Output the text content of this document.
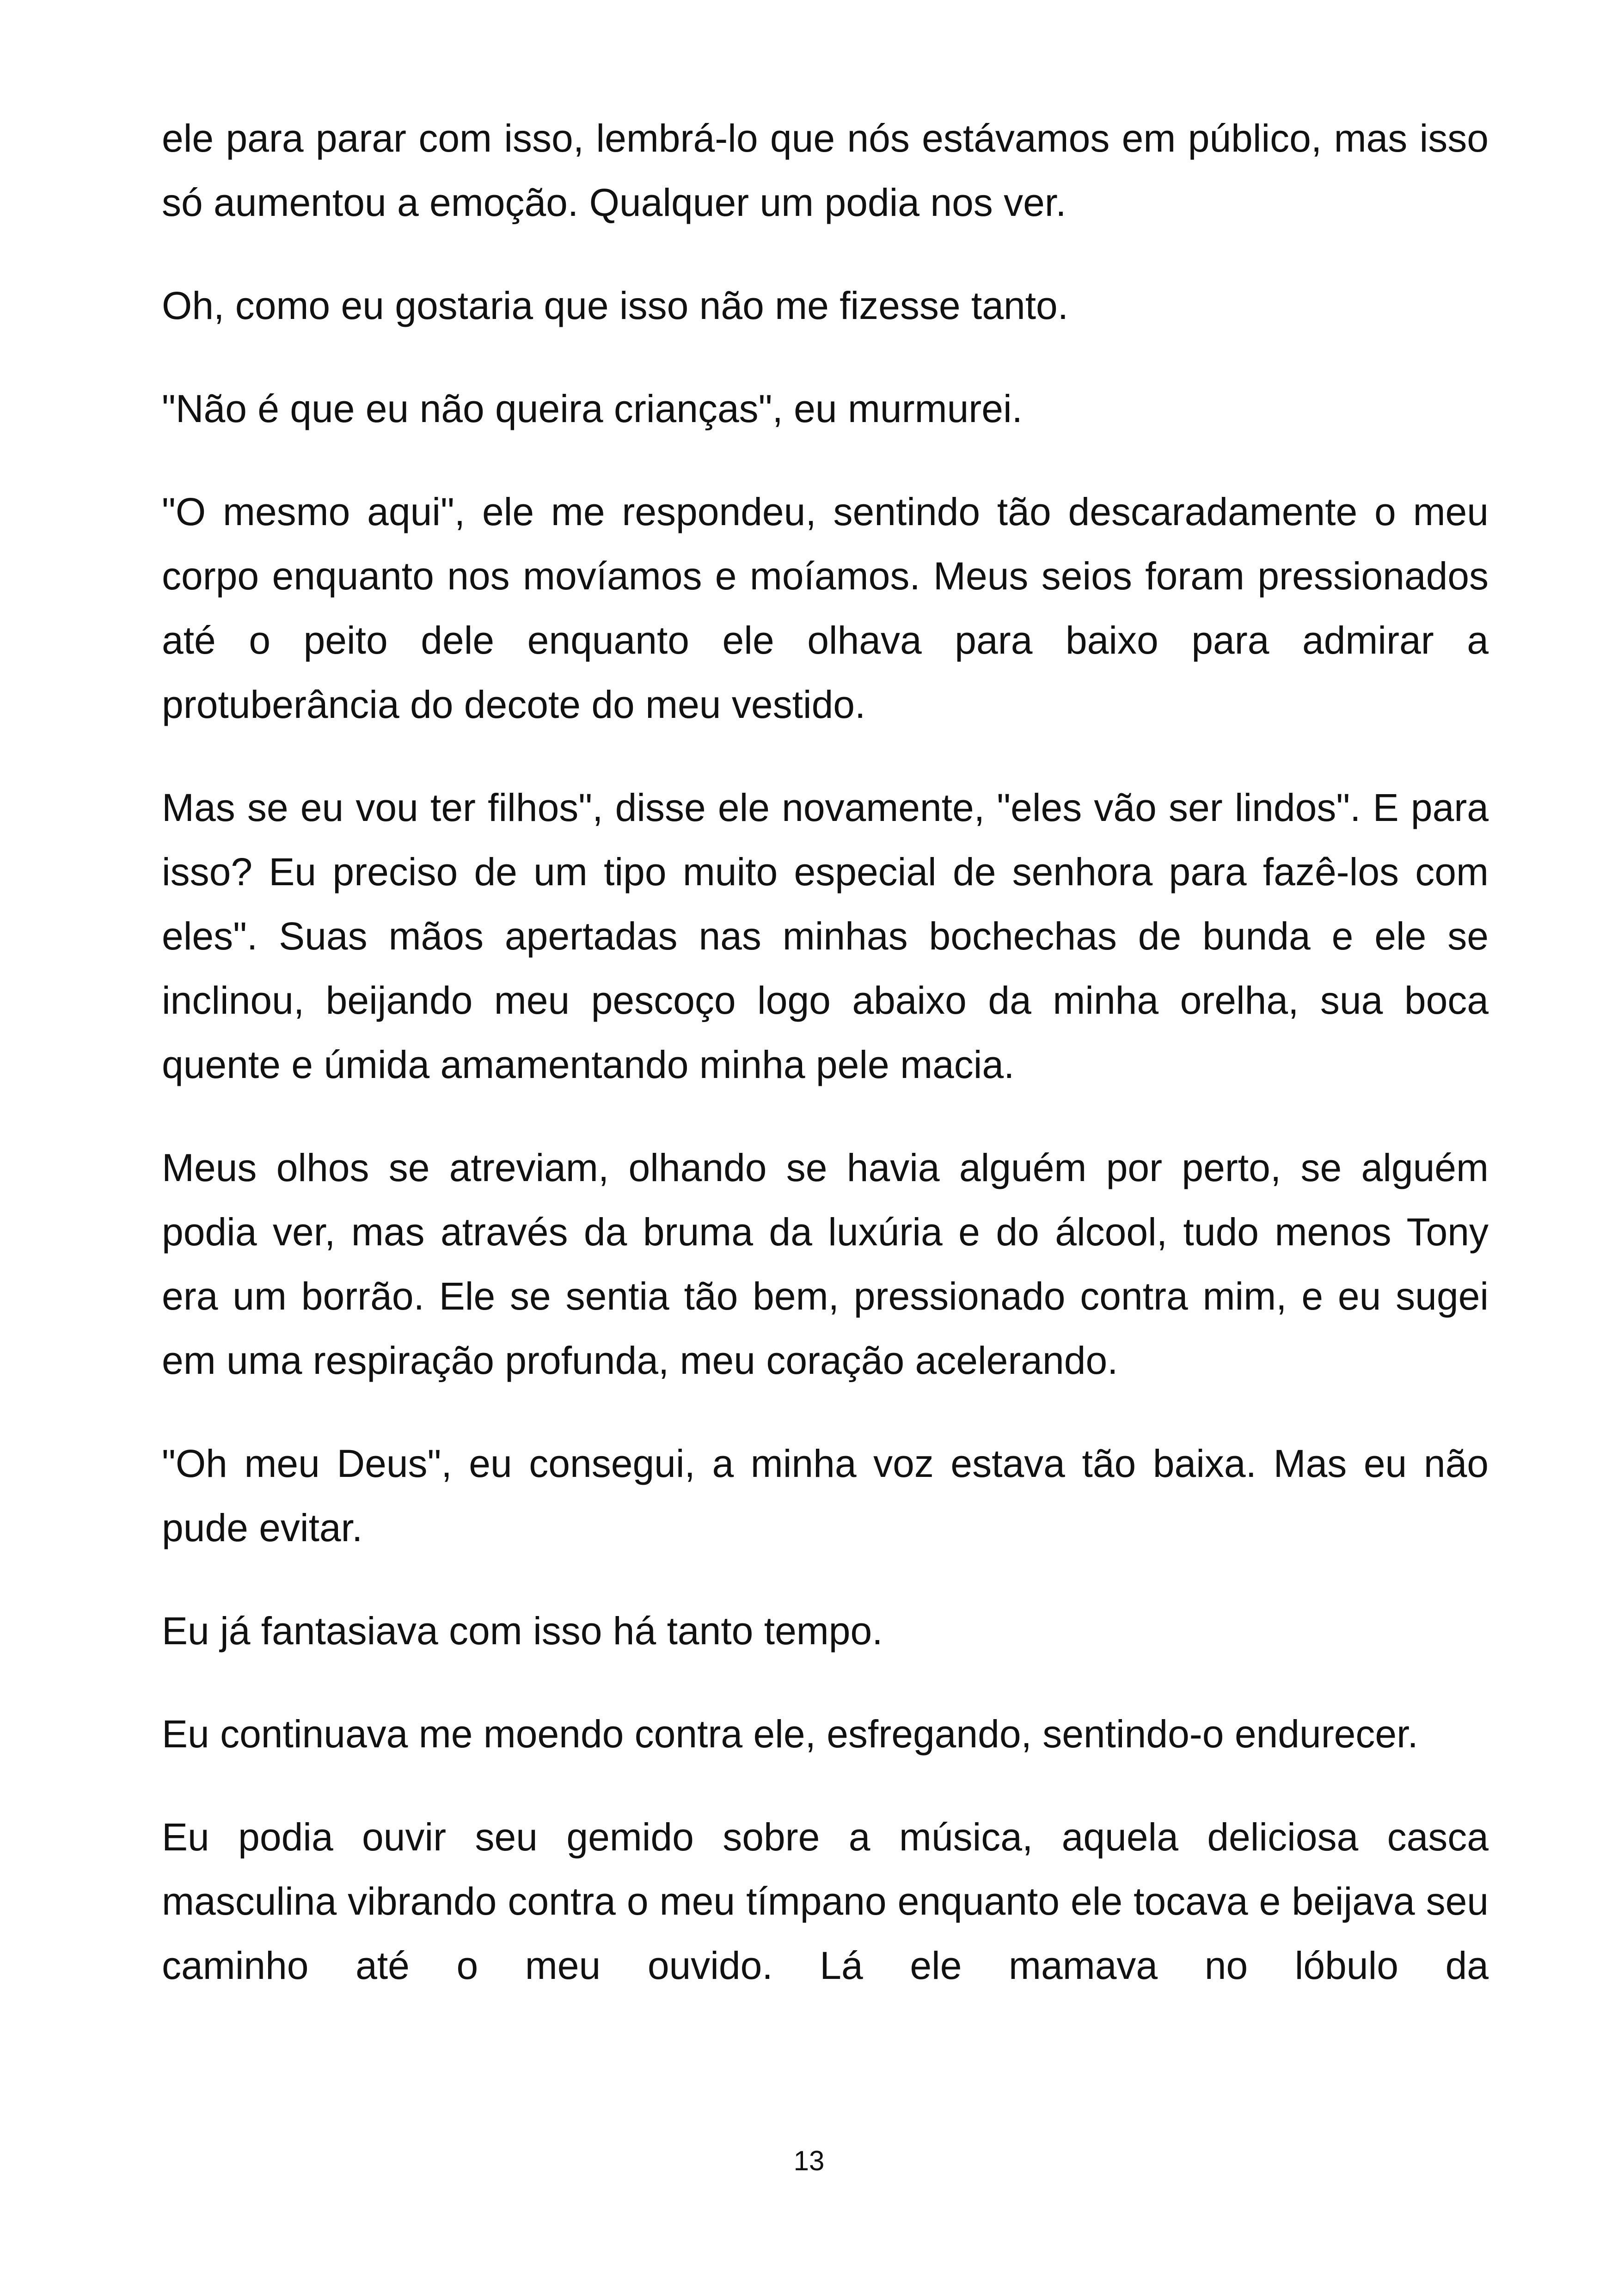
ele para parar com isso, lembrá-lo que nós estávamos em público, mas isso só aumentou a emoção. Qualquer um podia nos ver.

Oh, como eu gostaria que isso não me fizesse tanto.

"Não é que eu não queira crianças", eu murmurei.

"O mesmo aqui", ele me respondeu, sentindo tão descaradamente o meu corpo enquanto nos movíamos e moíamos. Meus seios foram pressionados até o peito dele enquanto ele olhava para baixo para admirar a protuberância do decote do meu vestido.

Mas se eu vou ter filhos", disse ele novamente, "eles vão ser lindos". E para isso? Eu preciso de um tipo muito especial de senhora para fazê-los com eles". Suas mãos apertadas nas minhas bochechas de bunda e ele se inclinou, beijando meu pescoço logo abaixo da minha orelha, sua boca quente e úmida amamentando minha pele macia.

Meus olhos se atreviam, olhando se havia alguém por perto, se alguém podia ver, mas através da bruma da luxúria e do álcool, tudo menos Tony era um borrão. Ele se sentia tão bem, pressionado contra mim, e eu sugei em uma respiração profunda, meu coração acelerando.

"Oh meu Deus", eu consegui, a minha voz estava tão baixa. Mas eu não pude evitar.

Eu já fantasiava com isso há tanto tempo.

Eu continuava me moendo contra ele, esfregando, sentindo-o endurecer.

Eu podia ouvir seu gemido sobre a música, aquela deliciosa casca masculina vibrando contra o meu tímpano enquanto ele tocava e beijava seu caminho até o meu ouvido. Lá ele mamava no lóbulo da

13
